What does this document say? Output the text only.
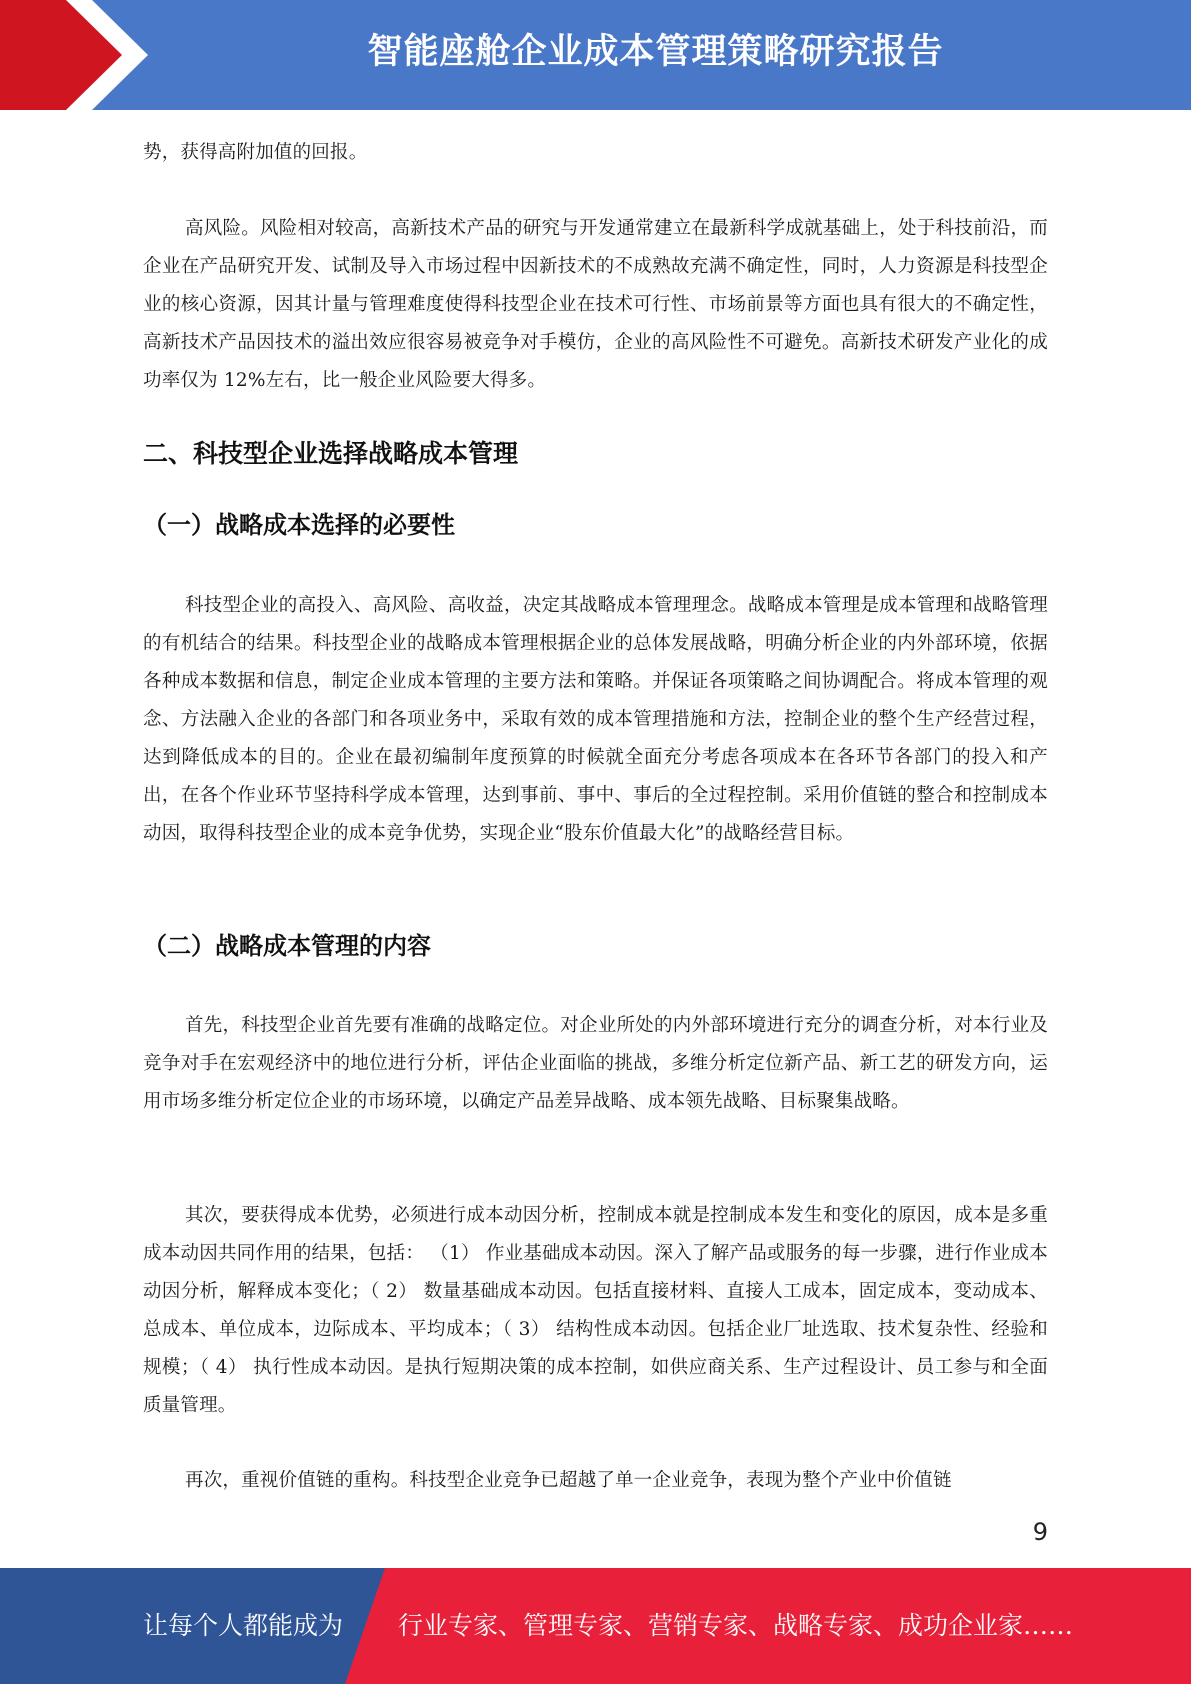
智能座舱企业成本管理策略研究报告
势，获得高附加值的回报。
高风险。风险相对较高，高新技术产品的研究与开发通常建立在最新科学成就基础上，处于科技前沿，而企业在产品研究开发、试制及导入市场过程中因新技术的不成熟故充满不确定性，同时，人力资源是科技型企业的核心资源，因其计量与管理难度使得科技型企业在技术可行性、市场前景等方面也具有很大的不确定性，高新技术产品因技术的溢出效应很容易被竞争对手模仿，企业的高风险性不可避免。高新技术研发产业化的成功率仅为 12%左右，比一般企业风险要大得多。
二、科技型企业选择战略成本管理
（一）战略成本选择的必要性
科技型企业的高投入、高风险、高收益，决定其战略成本管理理念。战略成本管理是成本管理和战略管理的有机结合的结果。科技型企业的战略成本管理根据企业的总体发展战略，明确分析企业的内外部环境，依据各种成本数据和信息，制定企业成本管理的主要方法和策略。并保证各项策略之间协调配合。将成本管理的观念、方法融入企业的各部门和各项业务中，采取有效的成本管理措施和方法，控制企业的整个生产经营过程，达到降低成本的目的。企业在最初编制年度预算的时候就全面充分考虑各项成本在各环节各部门的投入和产出，在各个作业环节坚持科学成本管理，达到事前、事中、事后的全过程控制。采用价值链的整合和控制成本动因，取得科技型企业的成本竞争优势，实现企业“股东价值最大化”的战略经营目标。
（二）战略成本管理的内容
首先，科技型企业首先要有准确的战略定位。对企业所处的内外部环境进行充分的调查分析，对本行业及竞争对手在宏观经济中的地位进行分析，评估企业面临的挑战，多维分析定位新产品、新工艺的研发方向，运用市场多维分析定位企业的市场环境，以确定产品差异战略、成本领先战略、目标聚集战略。
其次，要获得成本优势，必须进行成本动因分析，控制成本就是控制成本发生和变化的原因，成本是多重成本动因共同作用的结果，包括： （1） 作业基础成本动因。深入了解产品或服务的每一步骤，进行作业成本动因分析，解释成本变化；（ 2） 数量基础成本动因。包括直接材料、直接人工成本，固定成本，变动成本、总成本、单位成本，边际成本、平均成本；（ 3） 结构性成本动因。包括企业厂址选取、技术复杂性、经验和规模；（ 4） 执行性成本动因。是执行短期决策的成本控制，如供应商关系、生产过程设计、员工参与和全面质量管理。
再次，重视价值链的重构。科技型企业竞争已超越了单一企业竞争，表现为整个产业中价值链
9
让每个人都能成为 行业专家、管理专家、营销专家、战略专家、成功企业家……
